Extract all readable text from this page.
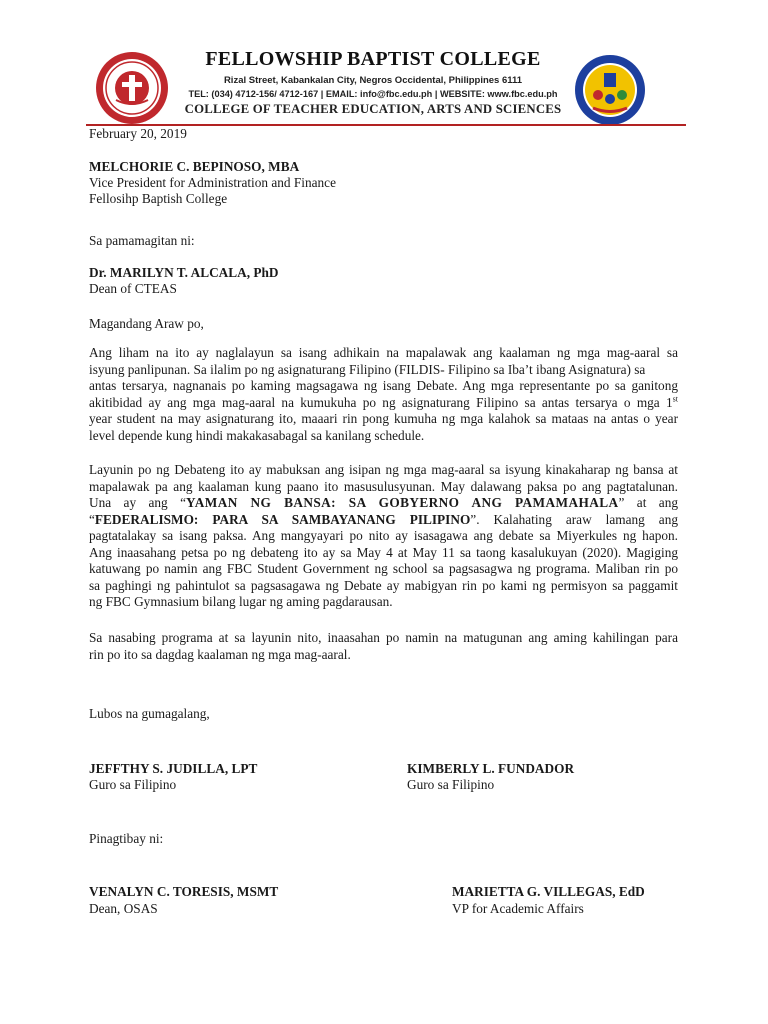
FELLOWSHIP BAPTIST COLLEGE
Rizal Street, Kabankalan City, Negros Occidental, Philippines 6111
TEL: (034) 4712-156/ 4712-167 | EMAIL: info@fbc.edu.ph | WEBSITE: www.fbc.edu.ph
COLLEGE OF TEACHER EDUCATION, ARTS AND SCIENCES
February 20, 2019
MELCHORIE C. BEPINOSO, MBA
Vice President for Administration and Finance
Fellosihp Baptish College
Sa pamamagitan ni:
Dr. MARILYN T. ALCALA, PhD
Dean of CTEAS
Magandang Araw po,
Ang liham na ito ay naglalayun sa isang adhikain na mapalawak ang kaalaman ng mga mag-aaral sa
isyung panlipunan. Sa ilalim po ng asignaturang Filipino (FILDIS- Filipino sa Iba’t ibang Asignatura) sa
antas tersarya, nagnanais po kaming magsagawa ng isang Debate. Ang mga representante po sa ganitong
akitibidad ay ang mga mag-aaral na kumukuha po ng asignaturang Filipino sa antas tersarya o mga 1st
year student na may asignaturang ito, maaari rin pong kumuha ng mga kalahok sa mataas na antas o year
level depende kung hindi makakasabagal sa kanilang schedule.
Layunin po ng Debateng ito ay mabuksan ang isipan ng mga mag-aaral sa isyung kinakaharap ng bansa at
mapalawak pa ang kaalaman kung paano ito masusulusyunan. May dalawang paksa po ang pagtatalunan.
Una ay ang “YAMAN NG BANSA: SA GOBYERNO ANG PAMAMAHALA” at ang
“FEDERALISMO: PARA SA SAMBAYANANG PILIPINO”. Kalahating araw lamang ang
pagtatalakay sa isang paksa. Ang mangyayari po nito ay isasagawa ang debate sa Miyerkules ng hapon.
Ang inaasahang petsa po ng debateng ito ay sa May 4 at May 11 sa taong kasalukuyan (2020). Magiging
katuwang po namin ang FBC Student Government ng school sa pagsasagwa ng programa. Maliban rin po
sa paghingi ng pahintulot sa pagsasagawa ng Debate ay mabigyan rin po kami ng permisyon sa paggamit
ng FBC Gymnasium bilang lugar ng aming pagdarausan.
Sa nasabing programa at sa layunin nito, inaasahan po namin na matugunan ang aming kahilingan para
rin po ito sa dagdag kaalaman ng mga mag-aaral.
Lubos na gumagalang,
JEFFTHY S. JUDILLA, LPT
Guro sa Filipino
KIMBERLY L. FUNDADOR
Guro sa Filipino
Pinagtibay ni:
VENALYN C. TORESIS, MSMT
Dean, OSAS
MARIETTA G. VILLEGAS, EdD
VP for Academic Affairs
